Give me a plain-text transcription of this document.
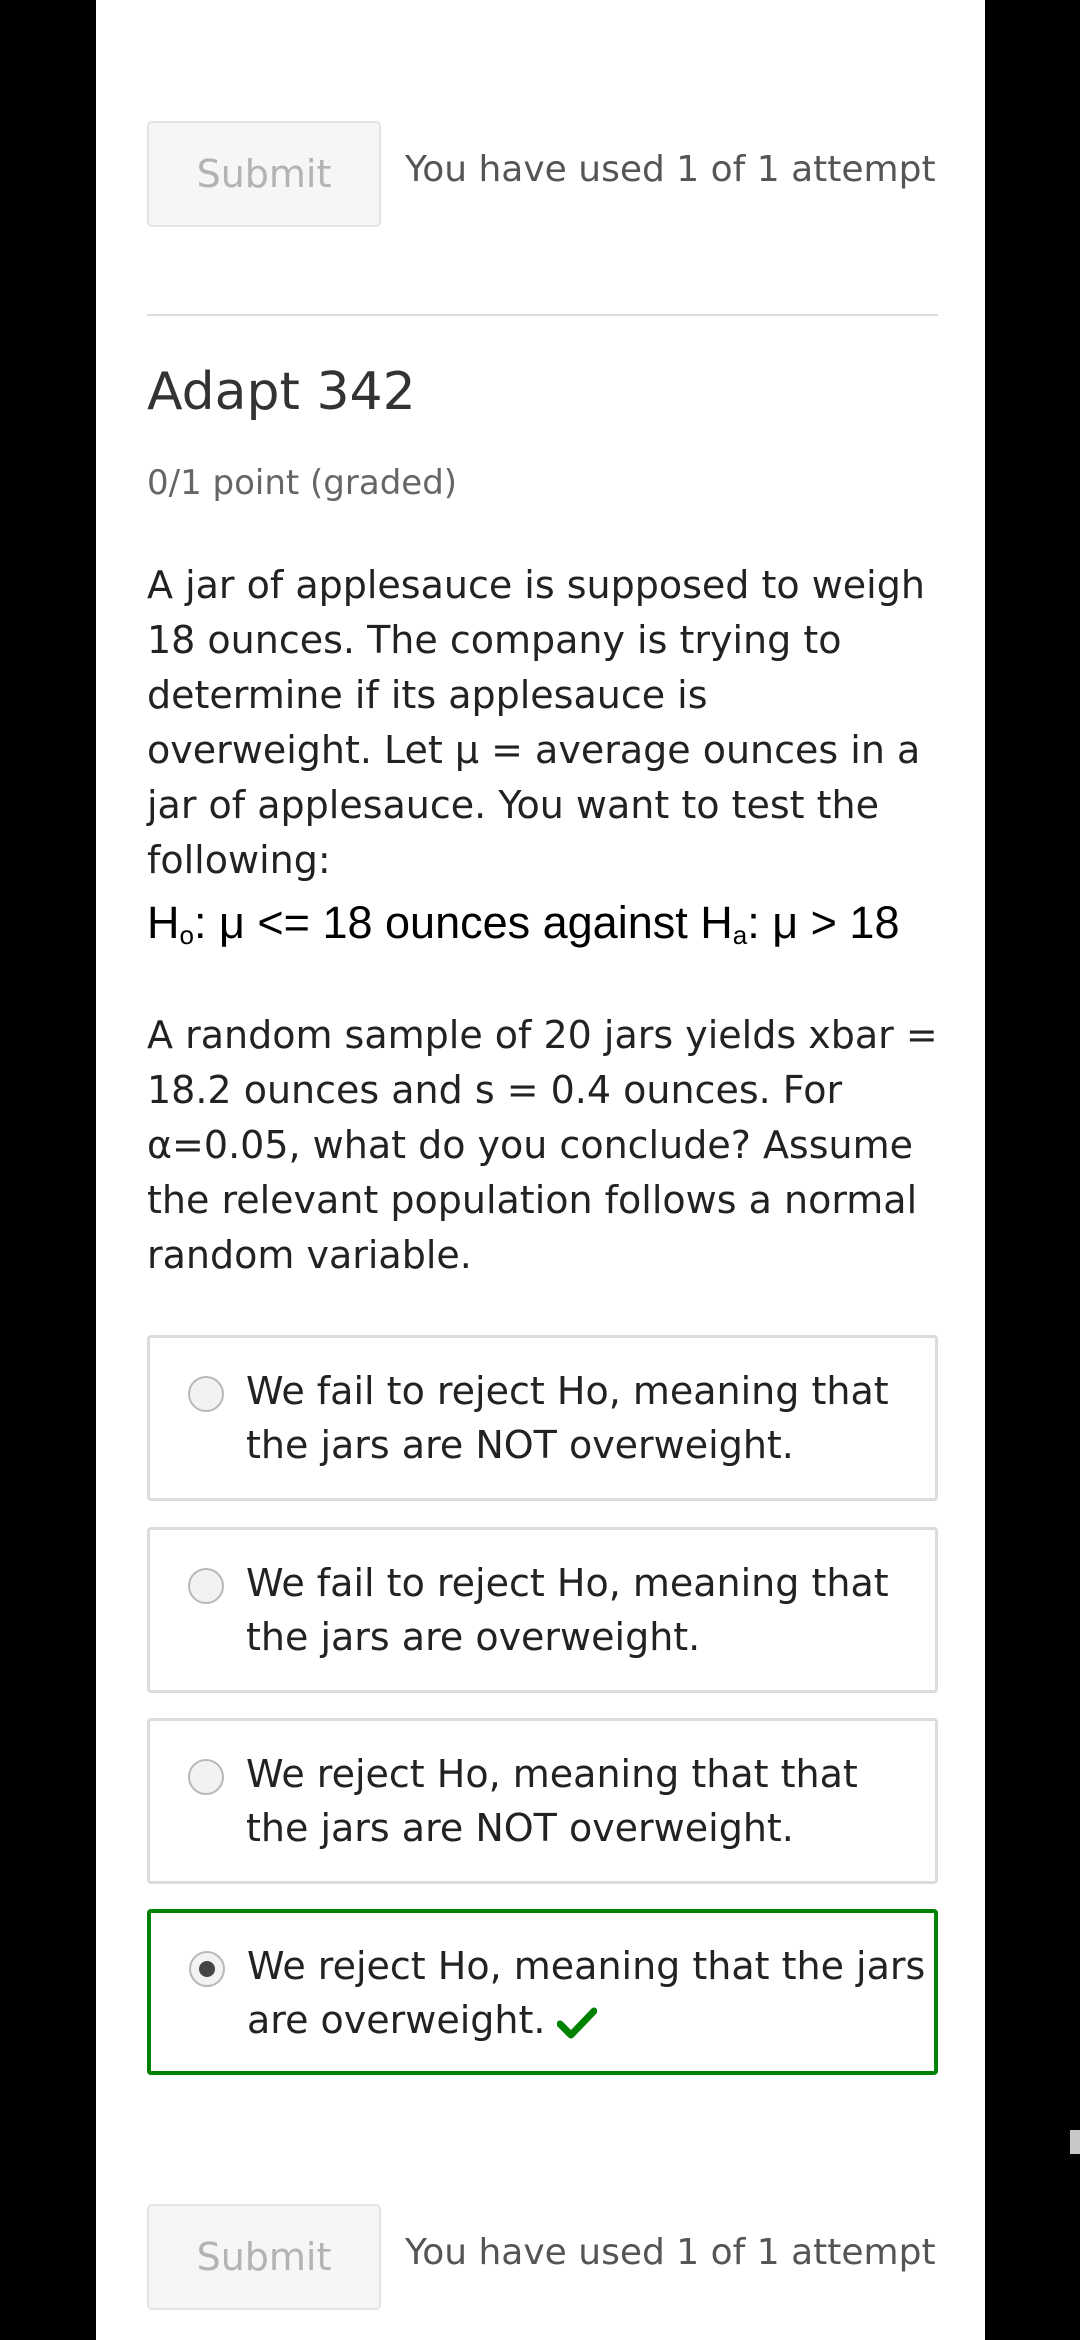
Submit	You have used 1 of 1 attempt
Adapt 342
0/1 point (graded)
A jar of applesauce is supposed to weigh 18 ounces. The company is trying to determine if its applesauce is overweight. Let μ = average ounces in a jar of applesauce. You want to test the following:
$H_o$: μ <= 18 ounces against $H_a$: μ > 18
A random sample of 20 jars yields xbar = 18.2 ounces and s = 0.4 ounces. For α=0.05, what do you conclude? Assume the relevant population follows a normal random variable.
We fail to reject Ho, meaning that the jars are NOT overweight.
We fail to reject Ho, meaning that the jars are overweight.
We reject Ho, meaning that that the jars are NOT overweight.
We reject Ho, meaning that the jars are overweight.
Submit	You have used 1 of 1 attempt
